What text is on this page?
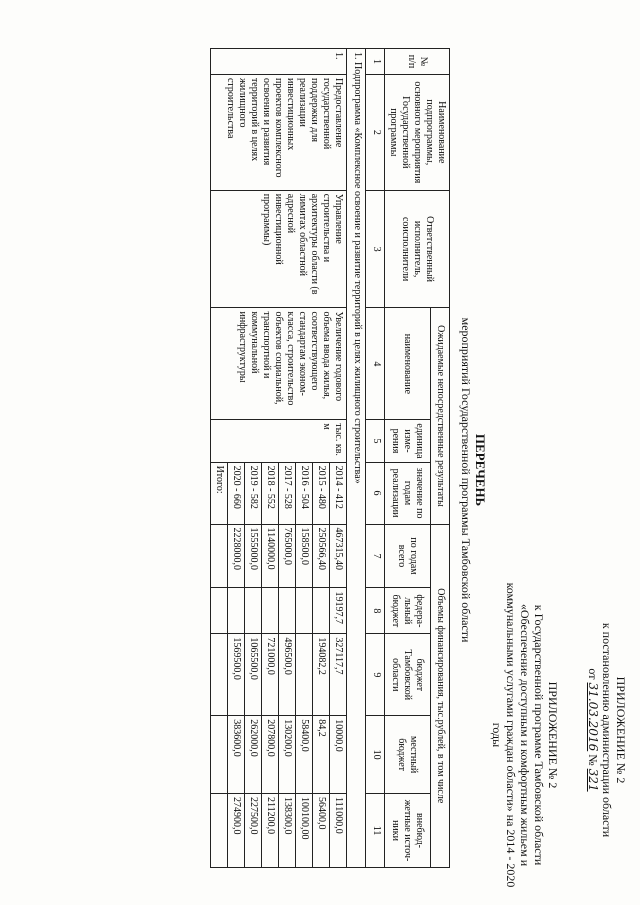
ПРИЛОЖЕНИЕ № 2
к постановлению администрации области
от 31.03.2016 № 321
ПРИЛОЖЕНИЕ № 2
к Государственной программе Тамбовской области «Обеспечение доступным и комфортным жильем и коммунальными услугами граждан области» на 2014 - 2020 годы
ПЕРЕЧЕНЬ
мероприятий Государственной программы Тамбовской области
№ п/п	Наименование подпрограммы, основного мероприятия Государственной программы	Ответственный исполнитель, соисполнители	Ожидаемые непосредственные результаты			Объемы финансирования, тыс.рублей, в том числе				
			наименование	единица изме-рения	значение по годам реализации	по годам всего	федера-льный бюджет	бюджет Тамбовской области	местный бюджет	внебюд-жетные источ-ники
1	2	3	4	5	6	7	8	9	10	11
1. Подпрограмма «Комплексное освоение и развитие территорий в целях жилищного строительства»										
1.	Предоставление государственной поддержки для реализации инвестиционных проектов комплексного освоения и развития территорий в целях жилищного строительства	Управление строительства и архитектуры области (в лимитах областной адресной инвестиционной программы)	Увеличение годового объема ввода жилья, соответствующего стандартам эконом-класса, строительство объектов социальной, транспортной и коммунальной инфраструктуры	тыс. кв. м	2014 - 412	467315,40	19197,7	327117,7	10000,0	111000,0
					2015 - 480	250566,40		194082,2	84,2	56400,0
					2016 - 504	158500,0			58400,0	100100,00
					2017 - 528	765000,0		496500,0	130200,0	138300,0
					2018 - 552	1140000,0		721000,0	207800,0	211200,0
					2019 - 582	1555000,0		1065500,0	262000,0	227500,0
					2020 - 660	2228000,0		1569500,0	383600,0	274900,0
					Итого:					
